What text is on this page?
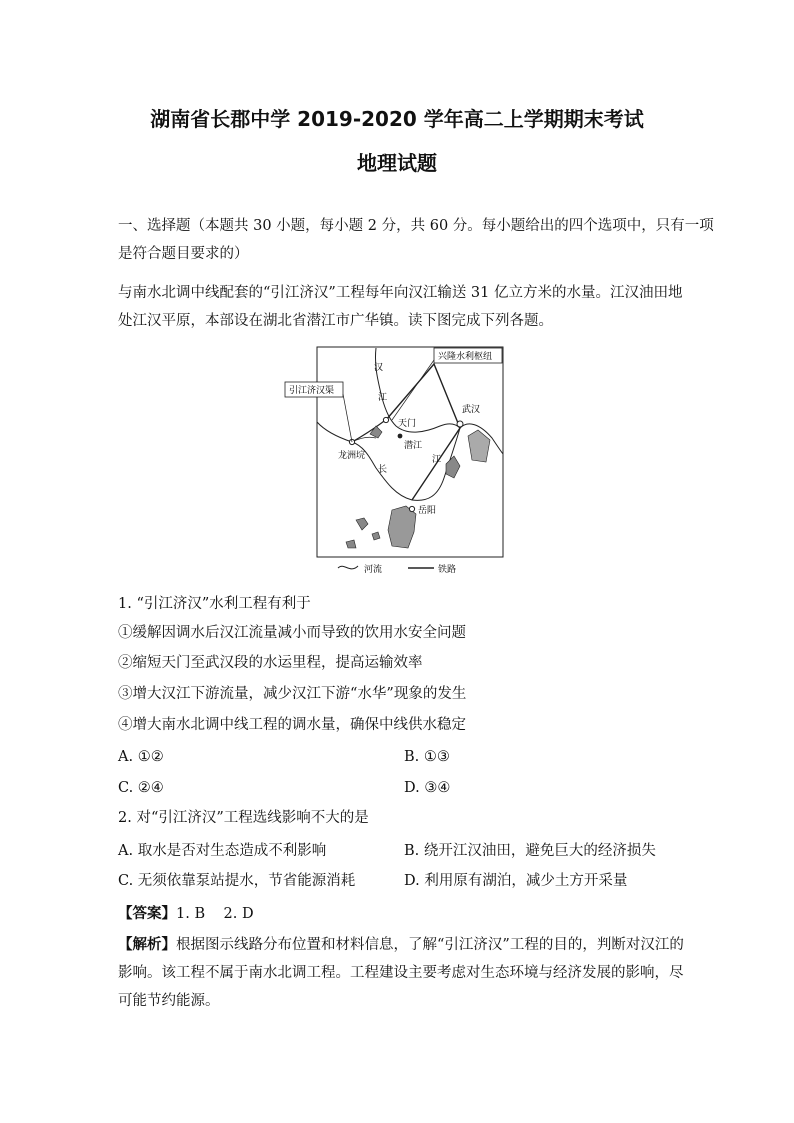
湖南省长郡中学 2019-2020 学年高二上学期期末考试
地理试题
一、选择题（本题共 30 小题，每小题 2 分，共 60 分。每小题给出的四个选项中，只有一项
是符合题目要求的）
与南水北调中线配套的“引江济汉”工程每年向汉江输送 31 亿立方米的水量。江汉油田地
处江汉平原，本部设在湖北省潜江市广华镇。读下图完成下列各题。
兴隆水利枢纽
引江济汉渠
汉
江
天门
武汉
潜江
龙洲垸
长
江
岳阳
河流	铁路
1. “引江济汉”水利工程有利于
①缓解因调水后汉江流量减小而导致的饮用水安全问题
②缩短天门至武汉段的水运里程，提高运输效率
③增大汉江下游流量，减少汉江下游“水华”现象的发生
④增大南水北调中线工程的调水量，确保中线供水稳定
A. ①②	B. ①③
C. ②④	D. ③④
2. 对“引江济汉”工程选线影响不大的是
A. 取水是否对生态造成不利影响	B. 绕开江汉油田，避免巨大的经济损失
C. 无须依靠泵站提水，节省能源消耗	D. 利用原有湖泊，减少土方开采量
【答案】1. B    2. D
【解析】根据图示线路分布位置和材料信息，了解“引江济汉”工程的目的，判断对汉江的影响。该工程不属于南水北调工程。工程建设主要考虑对生态环境与经济发展的影响，尽可能节约能源。
